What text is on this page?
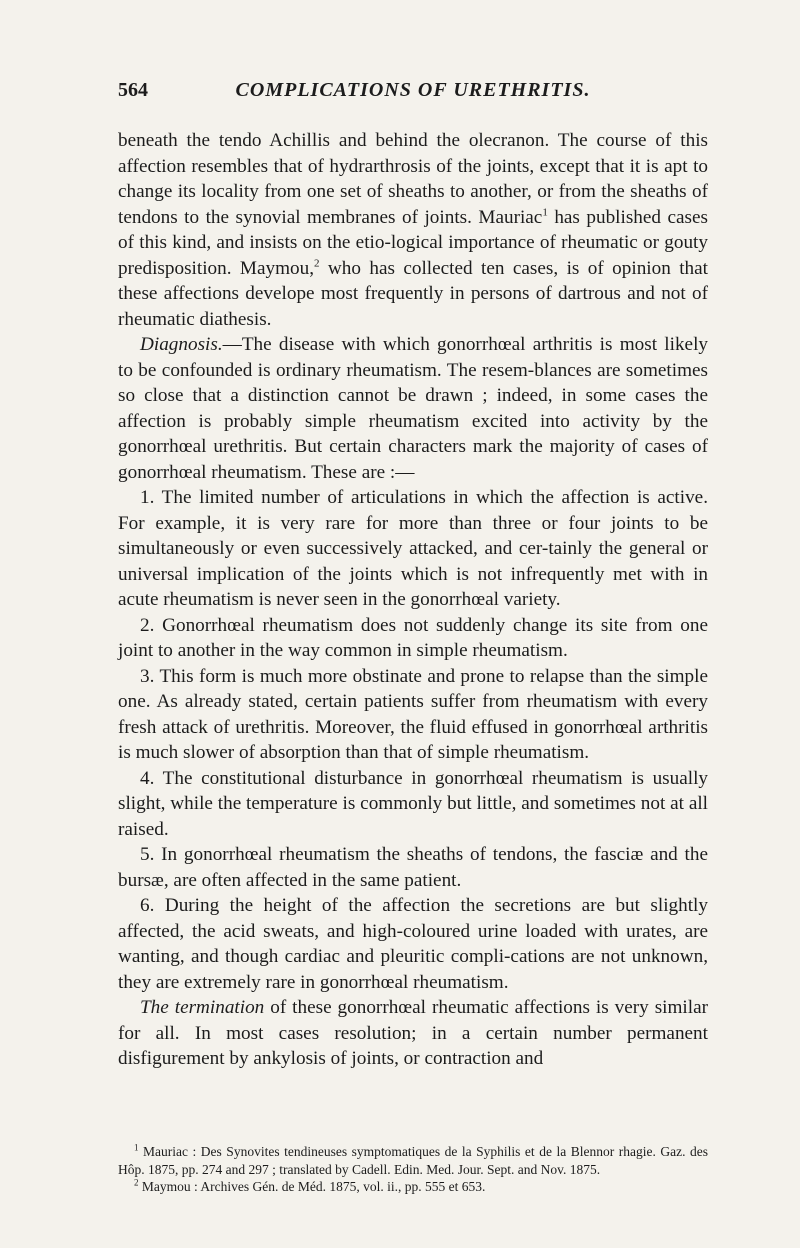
564	COMPLICATIONS OF URETHRITIS.

beneath the tendo Achillis and behind the olecranon. The course of this affection resembles that of hydrarthrosis of the joints, except that it is apt to change its locality from one set of sheaths to another, or from the sheaths of tendons to the synovial membranes of joints. Mauriac$^1$ has published cases of this kind, and insists on the etio-logical importance of rheumatic or gouty predisposition. Maymou,$^2$ who has collected ten cases, is of opinion that these affections develope most frequently in persons of dartrous and not of rheumatic diathesis.

Diagnosis.—The disease with which gonorrhœal arthritis is most likely to be confounded is ordinary rheumatism. The resem-blances are sometimes so close that a distinction cannot be drawn ; indeed, in some cases the affection is probably simple rheumatism excited into activity by the gonorrhœal urethritis. But certain characters mark the majority of cases of gonorrhœal rheumatism. These are :—

1. The limited number of articulations in which the affection is active. For example, it is very rare for more than three or four joints to be simultaneously or even successively attacked, and cer-tainly the general or universal implication of the joints which is not infrequently met with in acute rheumatism is never seen in the gonorrhœal variety.

2. Gonorrhœal rheumatism does not suddenly change its site from one joint to another in the way common in simple rheumatism.

3. This form is much more obstinate and prone to relapse than the simple one. As already stated, certain patients suffer from rheumatism with every fresh attack of urethritis. Moreover, the fluid effused in gonorrhœal arthritis is much slower of absorption than that of simple rheumatism.

4. The constitutional disturbance in gonorrhœal rheumatism is usually slight, while the temperature is commonly but little, and sometimes not at all raised.

5. In gonorrhœal rheumatism the sheaths of tendons, the fasciæ and the bursæ, are often affected in the same patient.

6. During the height of the affection the secretions are but slightly affected, the acid sweats, and high-coloured urine loaded with urates, are wanting, and though cardiac and pleuritic compli-cations are not unknown, they are extremely rare in gonorrhœal rheumatism.

The termination of these gonorrhœal rheumatic affections is very similar for all. In most cases resolution; in a certain number permanent disfigurement by ankylosis of joints, or contraction and

$^1$ Mauriac : Des Synovites tendineuses symptomatiques de la Syphilis et de la Blennor rhagie. Gaz. des Hôp. 1875, pp. 274 and 297 ; translated by Cadell. Edin. Med. Jour. Sept. and Nov. 1875.

$^2$ Maymou : Archives Gén. de Méd. 1875, vol. ii., pp. 555 et 653.
